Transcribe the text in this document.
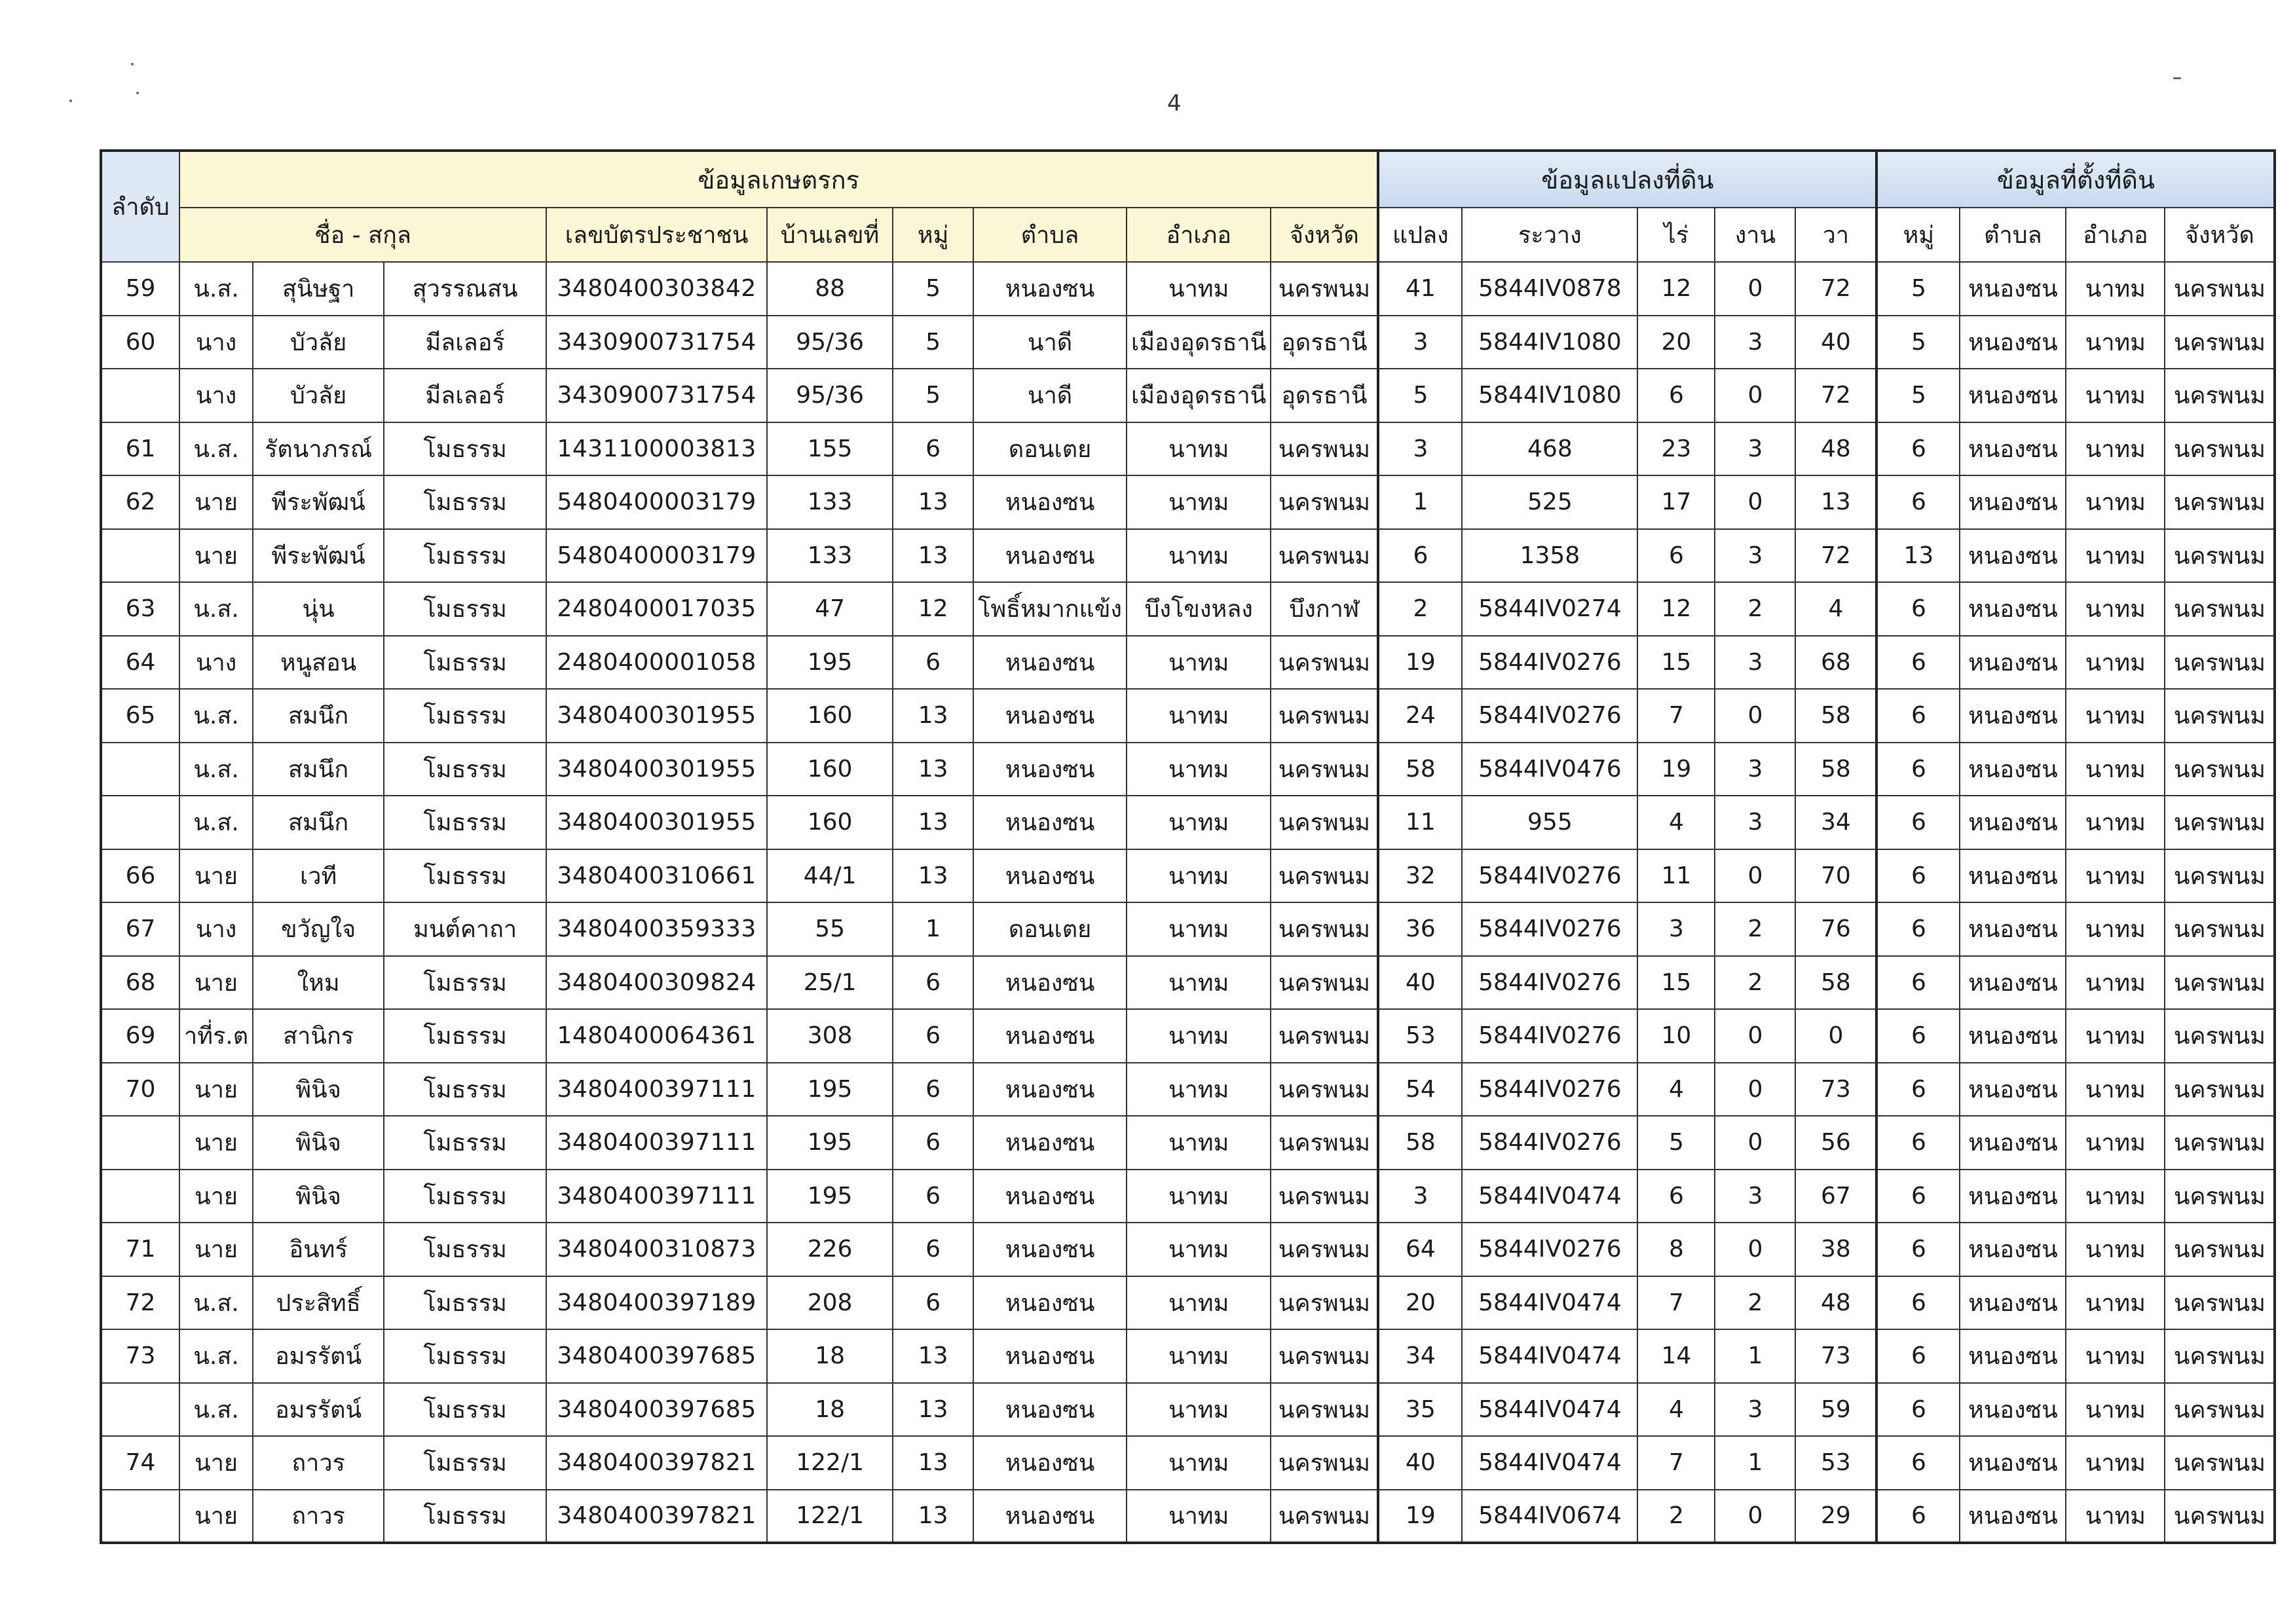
4
ลำดับ	ข้อมูลเกษตรกร									ข้อมูลแปลงที่ดิน					ข้อมูลที่ตั้งที่ดิน			
	ชื่อ - สกุล			เลขบัตรประชาชน	บ้านเลขที่	หมู่	ตำบล	อำเภอ	จังหวัด	แปลง	ระวาง	ไร่	งาน	วา	หมู่	ตำบล	อำเภอ	จังหวัด
59	น.ส.	สุนิษฐา	สุวรรณสน	3480400303842	88	5	หนองซน	นาทม	นครพนม	41	5844IV0878	12	0	72	5	หนองซน	นาทม	นครพนม
60	นาง	บัวลัย	มีลเลอร์	3430900731754	95/36	5	นาดี	เมืองอุดรธานี	อุดรธานี	3	5844IV1080	20	3	40	5	หนองซน	นาทม	นครพนม
	นาง	บัวลัย	มีลเลอร์	3430900731754	95/36	5	นาดี	เมืองอุดรธานี	อุดรธานี	5	5844IV1080	6	0	72	5	หนองซน	นาทม	นครพนม
61	น.ส.	รัตนาภรณ์	โมธรรม	1431100003813	155	6	ดอนเตย	นาทม	นครพนม	3	468	23	3	48	6	หนองซน	นาทม	นครพนม
62	นาย	พีระพัฒน์	โมธรรม	5480400003179	133	13	หนองซน	นาทม	นครพนม	1	525	17	0	13	6	หนองซน	นาทม	นครพนม
	นาย	พีระพัฒน์	โมธรรม	5480400003179	133	13	หนองซน	นาทม	นครพนม	6	1358	6	3	72	13	หนองซน	นาทม	นครพนม
63	น.ส.	นุ่น	โมธรรม	2480400017035	47	12	โพธิ์หมากแข้ง	บึงโขงหลง	บึงกาฬ	2	5844IV0274	12	2	4	6	หนองซน	นาทม	นครพนม
64	นาง	หนูสอน	โมธรรม	2480400001058	195	6	หนองซน	นาทม	นครพนม	19	5844IV0276	15	3	68	6	หนองซน	นาทม	นครพนม
65	น.ส.	สมนึก	โมธรรม	3480400301955	160	13	หนองซน	นาทม	นครพนม	24	5844IV0276	7	0	58	6	หนองซน	นาทม	นครพนม
	น.ส.	สมนึก	โมธรรม	3480400301955	160	13	หนองซน	นาทม	นครพนม	58	5844IV0476	19	3	58	6	หนองซน	นาทม	นครพนม
	น.ส.	สมนึก	โมธรรม	3480400301955	160	13	หนองซน	นาทม	นครพนม	11	955	4	3	34	6	หนองซน	นาทม	นครพนม
66	นาย	เวที	โมธรรม	3480400310661	44/1	13	หนองซน	นาทม	นครพนม	32	5844IV0276	11	0	70	6	หนองซน	นาทม	นครพนม
67	นาง	ขวัญใจ	มนต์คาถา	3480400359333	55	1	ดอนเตย	นาทม	นครพนม	36	5844IV0276	3	2	76	6	หนองซน	นาทม	นครพนม
68	นาย	ใหม	โมธรรม	3480400309824	25/1	6	หนองซน	นาทม	นครพนม	40	5844IV0276	15	2	58	6	หนองซน	นาทม	นครพนม
69	าที่ร.ต	สานิกร	โมธรรม	1480400064361	308	6	หนองซน	นาทม	นครพนม	53	5844IV0276	10	0	0	6	หนองซน	นาทม	นครพนม
70	นาย	พินิจ	โมธรรม	3480400397111	195	6	หนองซน	นาทม	นครพนม	54	5844IV0276	4	0	73	6	หนองซน	นาทม	นครพนม
	นาย	พินิจ	โมธรรม	3480400397111	195	6	หนองซน	นาทม	นครพนม	58	5844IV0276	5	0	56	6	หนองซน	นาทม	นครพนม
	นาย	พินิจ	โมธรรม	3480400397111	195	6	หนองซน	นาทม	นครพนม	3	5844IV0474	6	3	67	6	หนองซน	นาทม	นครพนม
71	นาย	อินทร์	โมธรรม	3480400310873	226	6	หนองซน	นาทม	นครพนม	64	5844IV0276	8	0	38	6	หนองซน	นาทม	นครพนม
72	น.ส.	ประสิทธิ์	โมธรรม	3480400397189	208	6	หนองซน	นาทม	นครพนม	20	5844IV0474	7	2	48	6	หนองซน	นาทม	นครพนม
73	น.ส.	อมรรัตน์	โมธรรม	3480400397685	18	13	หนองซน	นาทม	นครพนม	34	5844IV0474	14	1	73	6	หนองซน	นาทม	นครพนม
	น.ส.	อมรรัตน์	โมธรรม	3480400397685	18	13	หนองซน	นาทม	นครพนม	35	5844IV0474	4	3	59	6	หนองซน	นาทม	นครพนม
74	นาย	ถาวร	โมธรรม	3480400397821	122/1	13	หนองซน	นาทม	นครพนม	40	5844IV0474	7	1	53	6	หนองซน	นาทม	นครพนม
	นาย	ถาวร	โมธรรม	3480400397821	122/1	13	หนองซน	นาทม	นครพนม	19	5844IV0674	2	0	29	6	หนองซน	นาทม	นครพนม
